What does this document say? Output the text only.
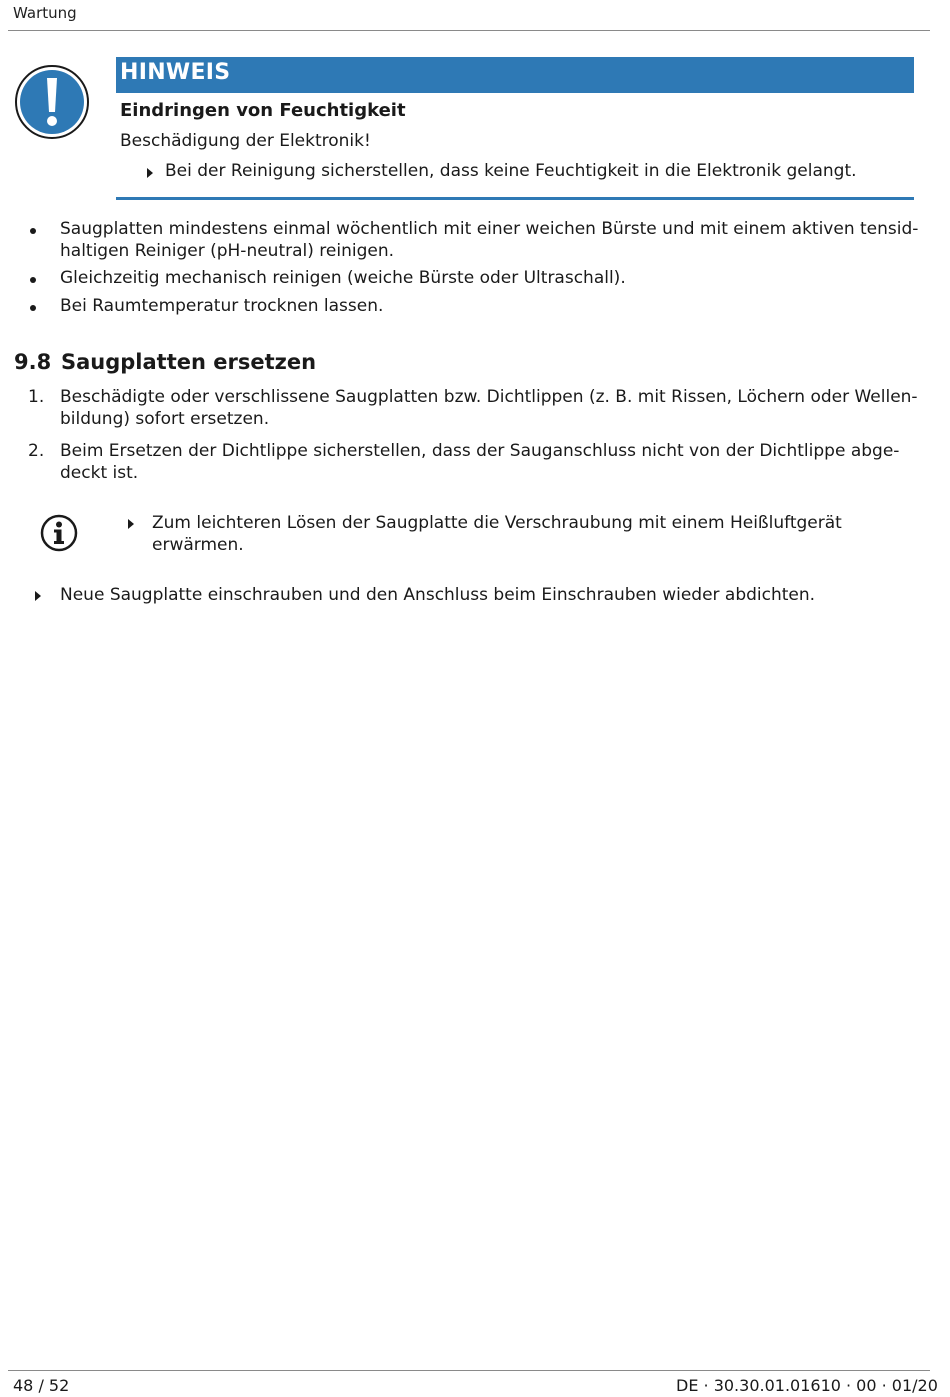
Wartung
HINWEIS
Eindringen von Feuchtigkeit
Beschädigung der Elektronik!
Bei der Reinigung sicherstellen, dass keine Feuchtigkeit in die Elektronik gelangt.
Saugplatten mindestens einmal wöchentlich mit einer weichen Bürste und mit einem aktiven tensid-
haltigen Reiniger (pH-neutral) reinigen.
Gleichzeitig mechanisch reinigen (weiche Bürste oder Ultraschall).
Bei Raumtemperatur trocknen lassen.
9.8 Saugplatten ersetzen
1. Beschädigte oder verschlissene Saugplatten bzw. Dichtlippen (z. B. mit Rissen, Löchern oder Wellen-
bildung) sofort ersetzen.
2. Beim Ersetzen der Dichtlippe sicherstellen, dass der Sauganschluss nicht von der Dichtlippe abge-
deckt ist.
Zum leichteren Lösen der Saugplatte die Verschraubung mit einem Heißluftgerät
erwärmen.
Neue Saugplatte einschrauben und den Anschluss beim Einschrauben wieder abdichten.
48 / 52	DE · 30.30.01.01610 · 00 · 01/20
